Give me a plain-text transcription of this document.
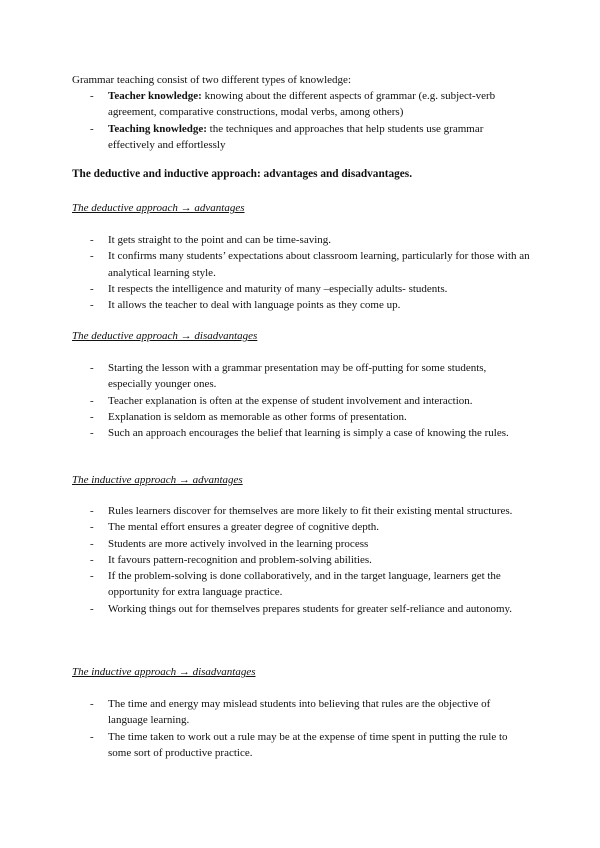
Grammar teaching consist of two different types of knowledge:
- Teacher knowledge: knowing about the different aspects of grammar (e.g. subject-verb agreement, comparative constructions, modal verbs, among others)
- Teaching knowledge: the techniques and approaches that help students use grammar effectively and effortlessly
The deductive and inductive approach: advantages and disadvantages.
The deductive approach → advantages
- It gets straight to the point and can be time-saving.
- It confirms many students’ expectations about classroom learning, particularly for those with an analytical learning style.
- It respects the intelligence and maturity of many –especially adults- students.
- It allows the teacher to deal with language points as they come up.
The deductive approach → disadvantages
- Starting the lesson with a grammar presentation may be off-putting for some students, especially younger ones.
- Teacher explanation is often at the expense of student involvement and interaction.
- Explanation is seldom as memorable as other forms of presentation.
- Such an approach encourages the belief that learning is simply a case of knowing the rules.
The inductive approach → advantages
- Rules learners discover for themselves are more likely to fit their existing mental structures.
- The mental effort ensures a greater degree of cognitive depth.
- Students are more actively involved in the learning process
- It favours pattern-recognition and problem-solving abilities.
- If the problem-solving is done collaboratively, and in the target language, learners get the opportunity for extra language practice.
- Working things out for themselves prepares students for greater self-reliance and autonomy.
The inductive approach → disadvantages
- The time and energy may mislead students into believing that rules are the objective of language learning.
- The time taken to work out a rule may be at the expense of time spent in putting the rule to some sort of productive practice.
